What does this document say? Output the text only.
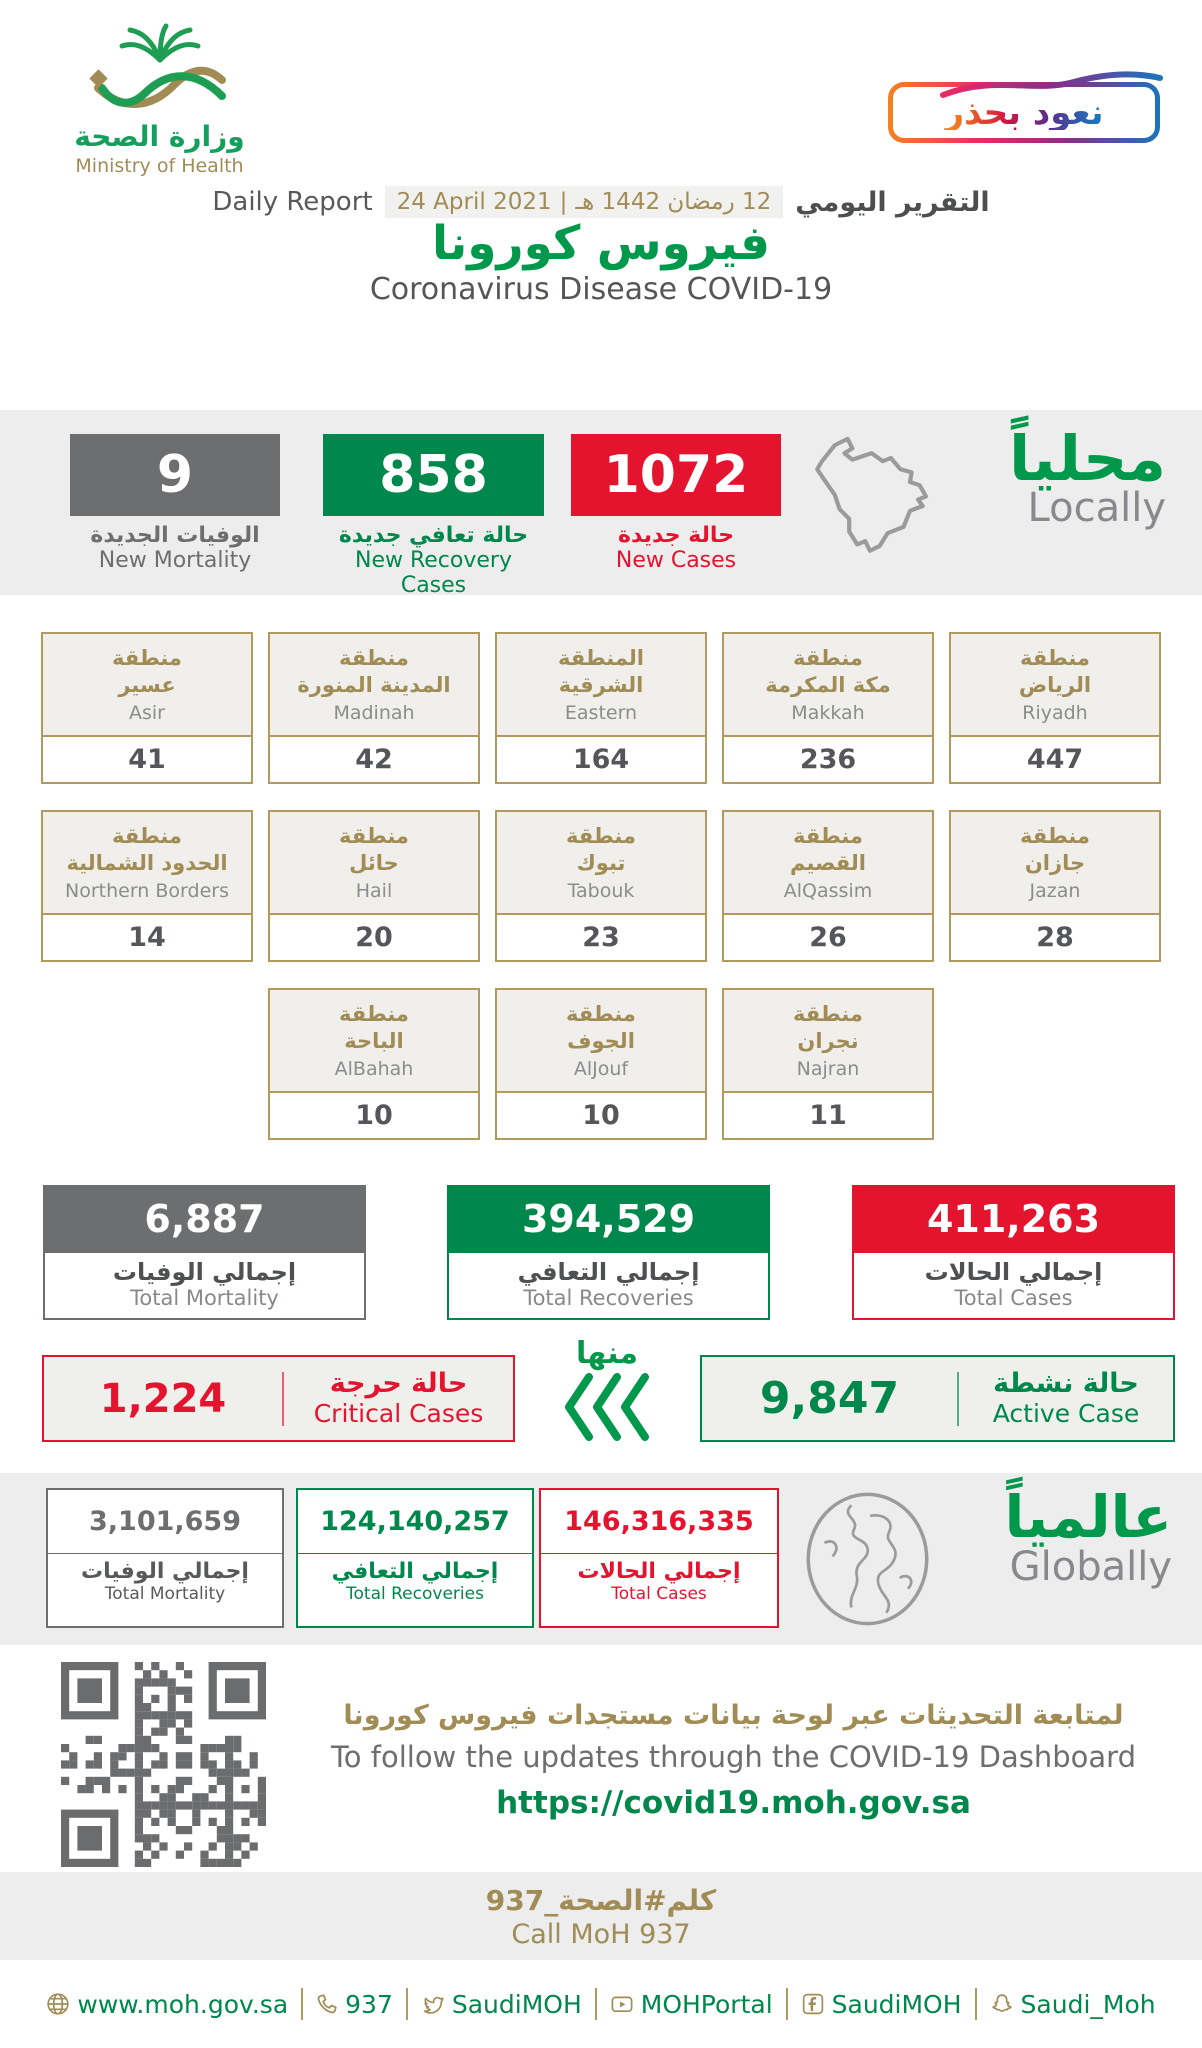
وزارة الصحة
Ministry of Health
نعود بحذر
Daily Report 24 April 2021 | 12 رمضان 1442 هـ التقرير اليومي
فيروس كورونا
Coronavirus Disease COVID-19
9
الوفيات الجديدة
New Mortality
858
حالة تعافي جديدة
New Recovery Cases
1072
حالة جديدة
New Cases
محلياً
Locally
منطقة
عسير
Asir
41
منطقة
المدينة المنورة
Madinah
42
المنطقة
الشرقية
Eastern
164
منطقة
مكة المكرمة
Makkah
236
منطقة
الرياض
Riyadh
447
منطقة
الحدود الشمالية
Northern Borders
14
منطقة
حائل
Hail
20
منطقة
تبوك
Tabouk
23
منطقة
القصيم
AlQassim
26
منطقة
جازان
Jazan
28
منطقة
الباحة
AlBahah
10
منطقة
الجوف
AlJouf
10
منطقة
نجران
Najran
11
6,887
إجمالي الوفيات
Total Mortality
394,529
إجمالي التعافي
Total Recoveries
411,263
إجمالي الحالات
Total Cases
1,224	حالة حرجة
Critical Cases
منها
9,847	حالة نشطة
Active Case
3,101,659
إجمالي الوفيات
Total Mortality
124,140,257
إجمالي التعافي
Total Recoveries
146,316,335
إجمالي الحالات
Total Cases
عالمياً
Globally
لمتابعة التحديثات عبر لوحة بيانات مستجدات فيروس كورونا
To follow the updates through the COVID-19 Dashboard
https://covid19.moh.gov.sa
كلم#الصحة_937
Call MoH 937
www.moh.gov.sa 937 SaudiMOH MOHPortal SaudiMOH Saudi_Moh
